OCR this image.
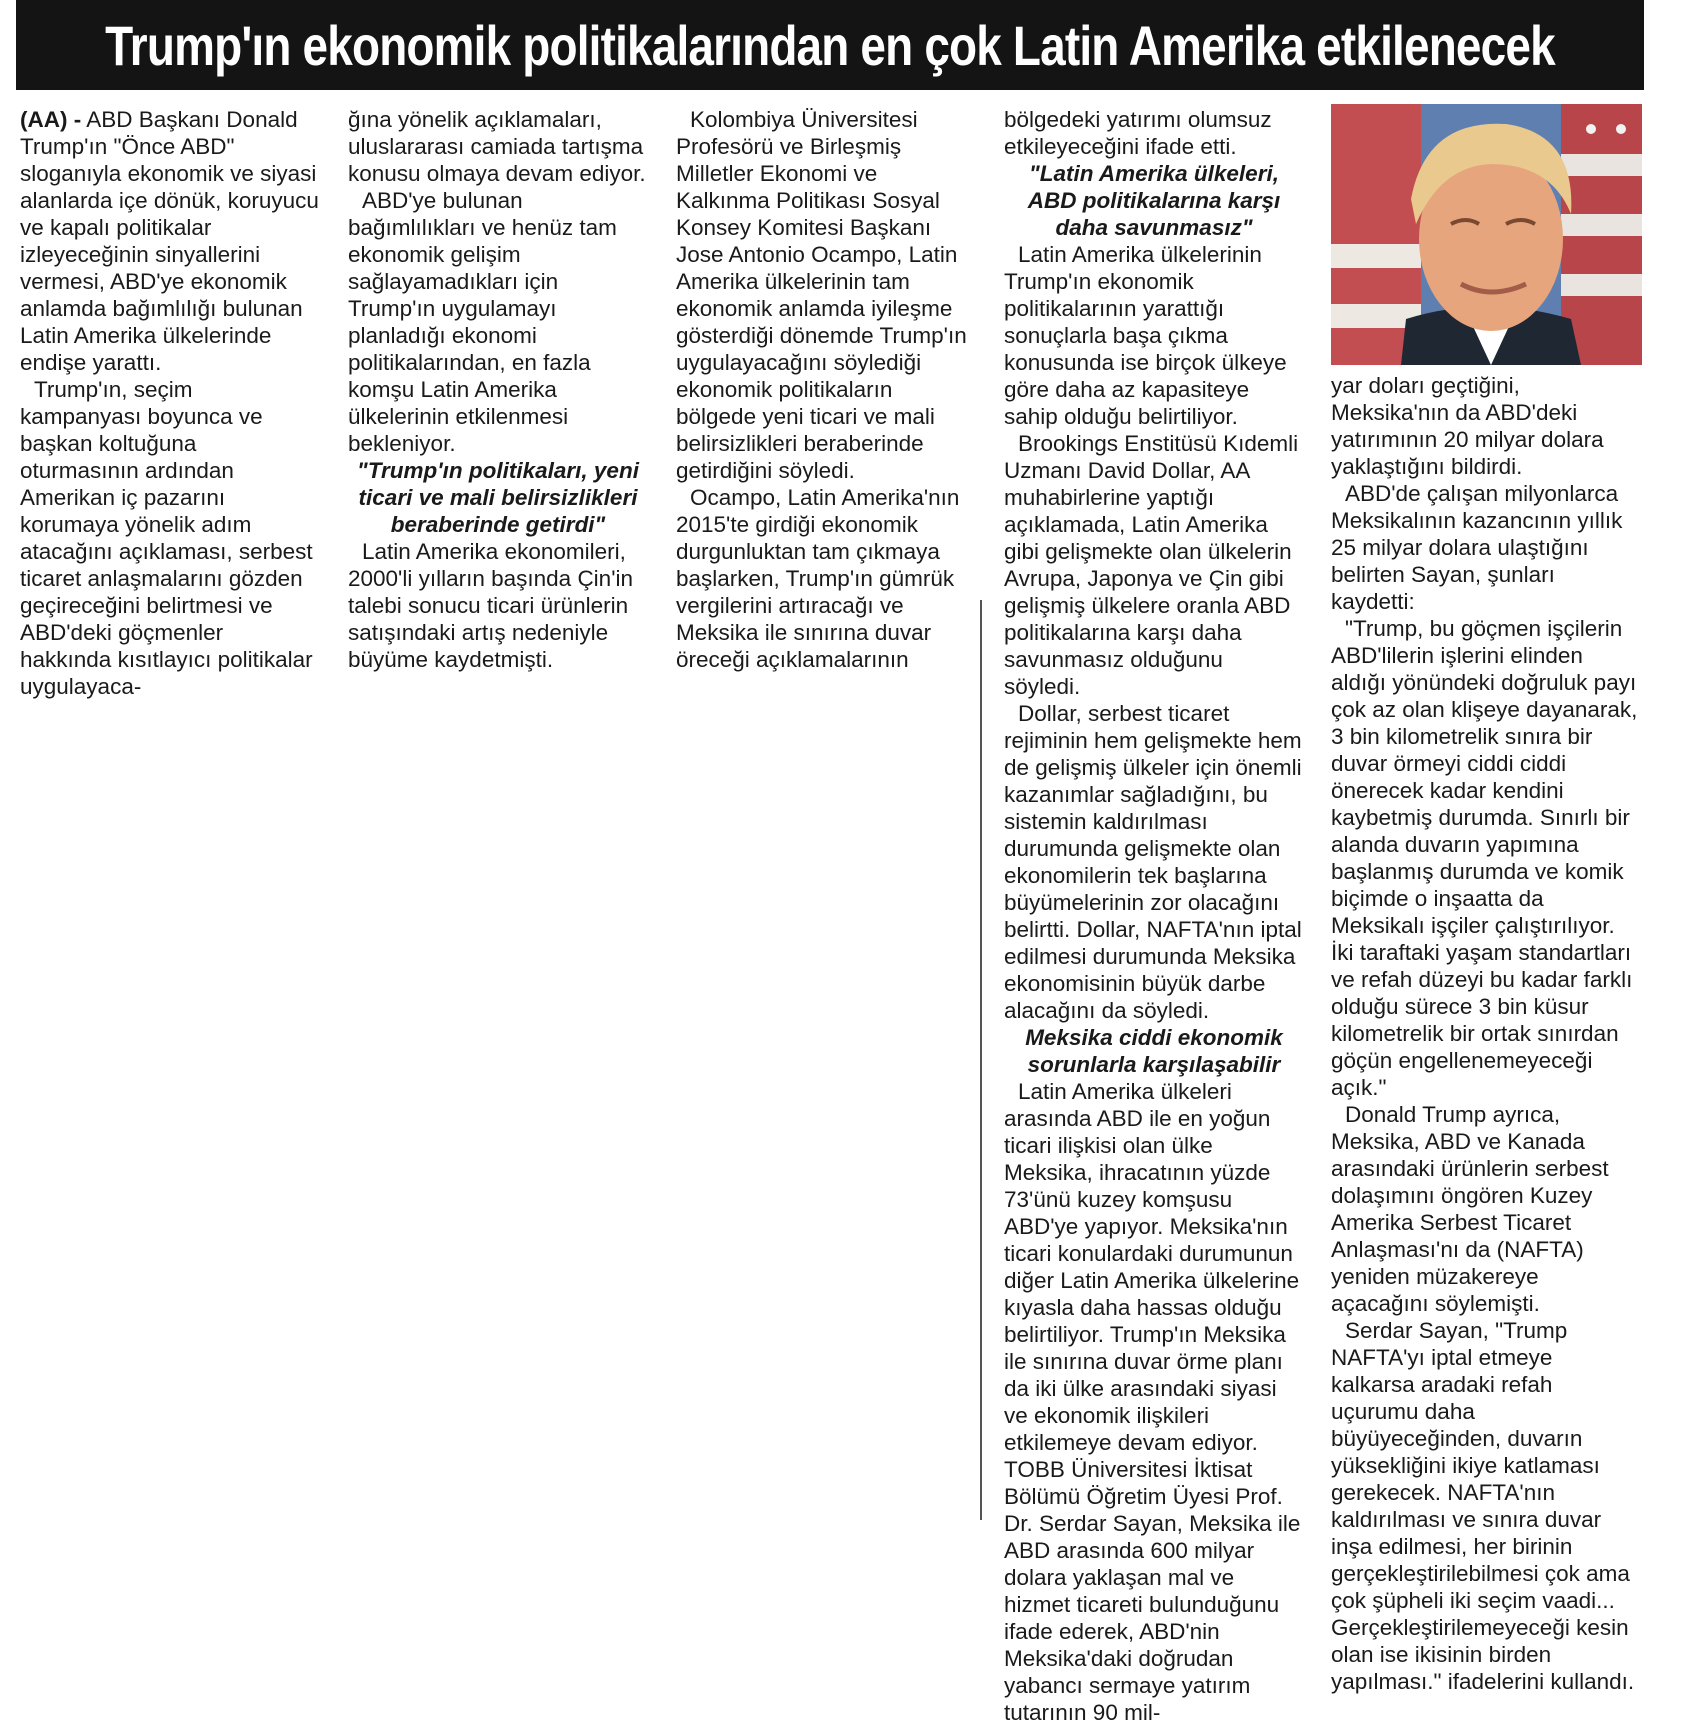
Trump'ın ekonomik politikalarından en çok Latin Amerika etkilenecek

(AA) - ABD Başkanı Donald Trump'ın "Önce ABD" sloganıyla ekonomik ve siyasi alanlarda içe dönük, koruyucu ve kapalı politikalar izleyeceğinin sinyallerini vermesi, ABD'ye ekonomik anlamda bağımlılığı bulunan Latin Amerika ülkelerinde endişe yarattı.

Trump'ın, seçim kampanyası boyunca ve başkan koltuğuna oturmasının ardından Amerikan iç pazarını korumaya yönelik adım atacağını açıklaması, serbest ticaret anlaşmalarını gözden geçireceğini belirtmesi ve ABD'deki göçmenler hakkında kısıtlayıcı politikalar uygulayaca-

ğına yönelik açıklamaları, uluslararası camiada tartışma konusu olmaya devam ediyor.

ABD'ye bulunan bağımlılıkları ve henüz tam ekonomik gelişim sağlayamadıkları için Trump'ın uygulamayı planladığı ekonomi politikalarından, en fazla komşu Latin Amerika ülkelerinin etkilenmesi bekleniyor.

"Trump'ın politikaları, yeni ticari ve mali belirsizlikleri beraberinde getirdi"

Latin Amerika ekonomileri, 2000'li yılların başında Çin'in talebi sonucu ticari ürünlerin satışındaki artış nedeniyle büyüme kaydetmişti.

Kolombiya Üniversitesi Profesörü ve Birleşmiş Milletler Ekonomi ve Kalkınma Politikası Sosyal Konsey Komitesi Başkanı Jose Antonio Ocampo, Latin Amerika ülkelerinin tam ekonomik anlamda iyileşme gösterdiği dönemde Trump'ın uygulayacağını söylediği ekonomik politikaların bölgede yeni ticari ve mali belirsizlikleri beraberinde getirdiğini söyledi.

Ocampo, Latin Amerika'nın 2015'te girdiği ekonomik durgunluktan tam çıkmaya başlarken, Trump'ın gümrük vergilerini artıracağı ve Meksika ile sınırına duvar öreceği açıklamalarının

bölgedeki yatırımı olumsuz etkileyeceğini ifade etti.

"Latin Amerika ülkeleri, ABD politikalarına karşı daha savunmasız"

Latin Amerika ülkelerinin Trump'ın ekonomik politikalarının yarattığı sonuçlarla başa çıkma konusunda ise birçok ülkeye göre daha az kapasiteye sahip olduğu belirtiliyor.

Brookings Enstitüsü Kıdemli Uzmanı David Dollar, AA muhabirlerine yaptığı açıklamada, Latin Amerika gibi gelişmekte olan ülkelerin Avrupa, Japonya ve Çin gibi gelişmiş ülkelere oranla ABD politikalarına karşı daha savunmasız olduğunu söyledi.

Dollar, serbest ticaret rejiminin hem gelişmekte hem de gelişmiş ülkeler için önemli kazanımlar sağladığını, bu sistemin kaldırılması durumunda gelişmekte olan ekonomilerin tek başlarına büyümelerinin zor olacağını belirtti. Dollar, NAFTA'nın iptal edilmesi durumunda Meksika ekonomisinin büyük darbe alacağını da söyledi.

Meksika ciddi ekonomik sorunlarla karşılaşabilir

Latin Amerika ülkeleri arasında ABD ile en yoğun ticari ilişkisi olan ülke Meksika, ihracatının yüzde 73'ünü kuzey komşusu ABD'ye yapıyor. Meksika'nın ticari konulardaki durumunun diğer Latin Amerika ülkelerine kıyasla daha hassas olduğu belirtiliyor. Trump'ın Meksika ile sınırına duvar örme planı da iki ülke arasındaki siyasi ve ekonomik ilişkileri etkilemeye devam ediyor. TOBB Üniversitesi İktisat Bölümü Öğretim Üyesi Prof. Dr. Serdar Sayan, Meksika ile ABD arasında 600 milyar dolara yaklaşan mal ve hizmet ticareti bulunduğunu ifade ederek, ABD'nin Meksika'daki doğrudan yabancı sermaye yatırım tutarının 90 mil-

yar doları geçtiğini, Meksika'nın da ABD'deki yatırımının 20 milyar dolara yaklaştığını bildirdi.

ABD'de çalışan milyonlarca Meksikalının kazancının yıllık 25 milyar dolara ulaştığını belirten Sayan, şunları kaydetti:

"Trump, bu göçmen işçilerin ABD'lilerin işlerini elinden aldığı yönündeki doğruluk payı çok az olan klişeye dayanarak, 3 bin kilometrelik sınıra bir duvar örmeyi ciddi ciddi önerecek kadar kendini kaybetmiş durumda. Sınırlı bir alanda duvarın yapımına başlanmış durumda ve komik biçimde o inşaatta da Meksikalı işçiler çalıştırılıyor. İki taraftaki yaşam standartları ve refah düzeyi bu kadar farklı olduğu sürece 3 bin küsur kilometrelik bir ortak sınırdan göçün engellenemeyeceği açık."

Donald Trump ayrıca, Meksika, ABD ve Kanada arasındaki ürünlerin serbest dolaşımını öngören Kuzey Amerika Serbest Ticaret Anlaşması'nı da (NAFTA) yeniden müzakereye açacağını söylemişti.

Serdar Sayan, "Trump NAFTA'yı iptal etmeye kalkarsa aradaki refah uçurumu daha büyüyeceğinden, duvarın yüksekliğini ikiye katlaması gerekecek. NAFTA'nın kaldırılması ve sınıra duvar inşa edilmesi, her birinin gerçekleştirilebilmesi çok ama çok şüpheli iki seçim vaadi... Gerçekleştirilemeyeceği kesin olan ise ikisinin birden yapılması." ifadelerini kullandı.
